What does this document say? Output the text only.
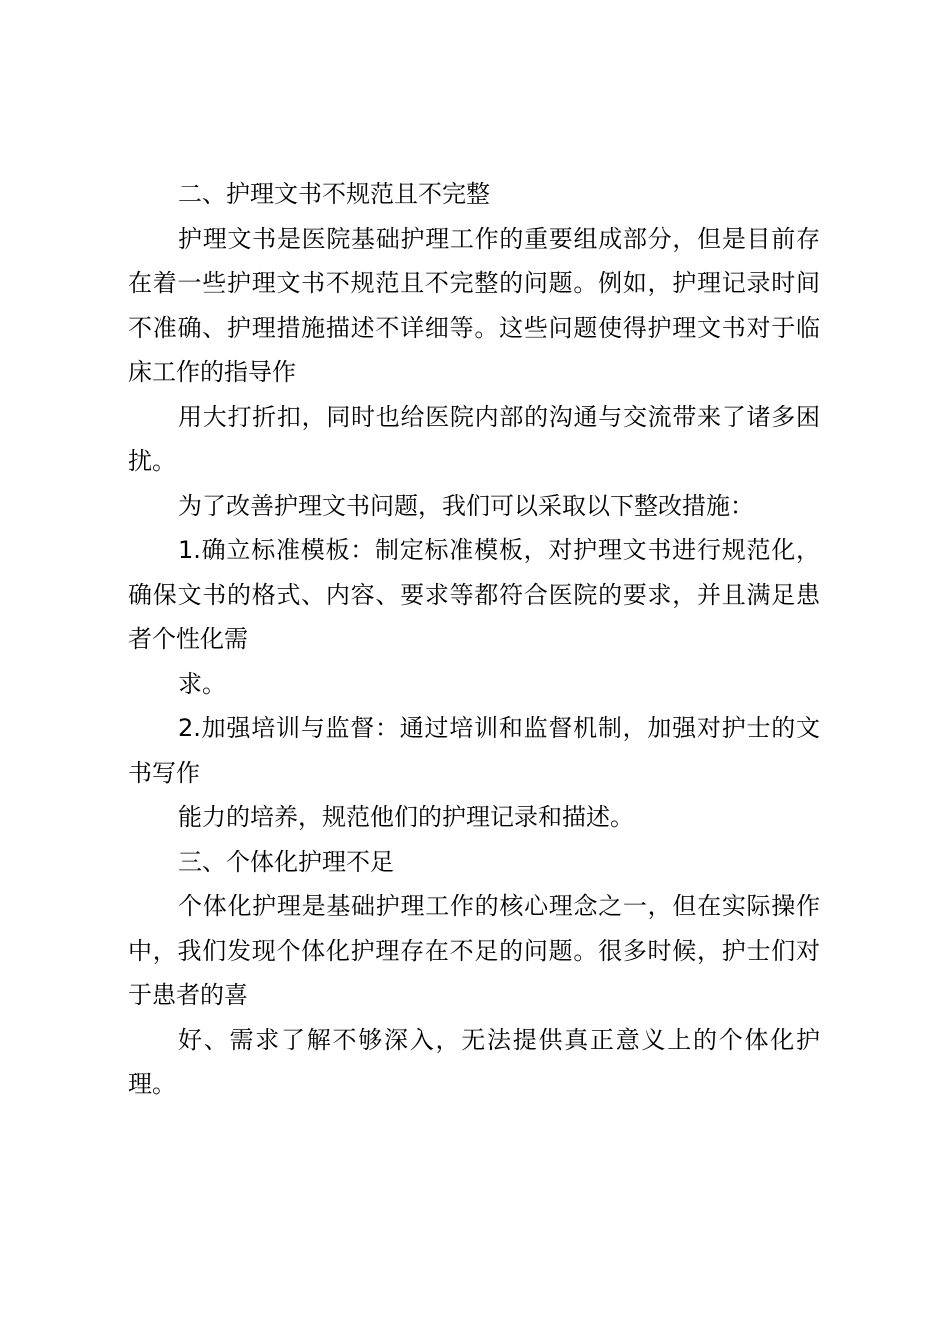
二、护理文书不规范且不完整

护理文书是医院基础护理工作的重要组成部分，但是目前存在着一些护理文书不规范且不完整的问题。例如，护理记录时间不准确、护理措施描述不详细等。这些问题使得护理文书对于临床工作的指导作

用大打折扣，同时也给医院内部的沟通与交流带来了诸多困扰。

为了改善护理文书问题，我们可以采取以下整改措施：

1.确立标准模板：制定标准模板，对护理文书进行规范化，确保文书的格式、内容、要求等都符合医院的要求，并且满足患者个性化需

求。

2.加强培训与监督：通过培训和监督机制，加强对护士的文书写作

能力的培养，规范他们的护理记录和描述。

三、个体化护理不足

个体化护理是基础护理工作的核心理念之一，但在实际操作中，我们发现个体化护理存在不足的问题。很多时候，护士们对于患者的喜

好、需求了解不够深入，无法提供真正意义上的个体化护理。
